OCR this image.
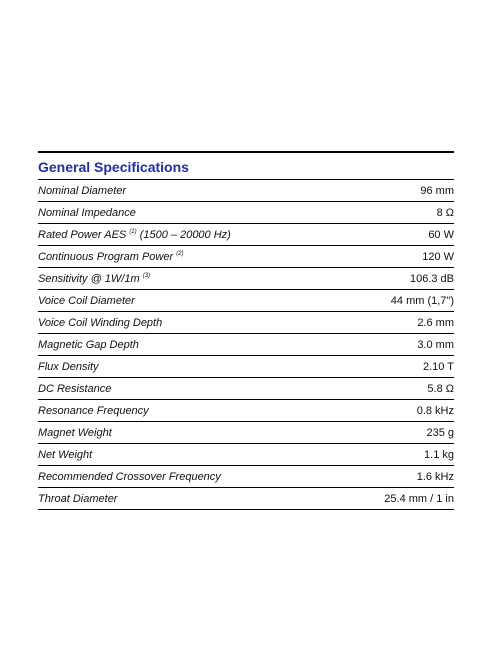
General Specifications
Nominal Diameter	96 mm
Nominal Impedance	8 Ω
Rated Power AES $^{(1)}$ (1500 – 20000 Hz)	60 W
Continuous Program Power $^{(2)}$	120 W
Sensitivity @ 1W/1m $^{(3)}$	106.3 dB
Voice Coil Diameter	44 mm (1,7")
Voice Coil Winding Depth	2.6 mm
Magnetic Gap Depth	3.0 mm
Flux Density	2.10 T
DC Resistance	5.8 Ω
Resonance Frequency	0.8 kHz
Magnet Weight	235 g
Net Weight	1.1 kg
Recommended Crossover Frequency	1.6 kHz
Throat Diameter	25.4 mm / 1 in
